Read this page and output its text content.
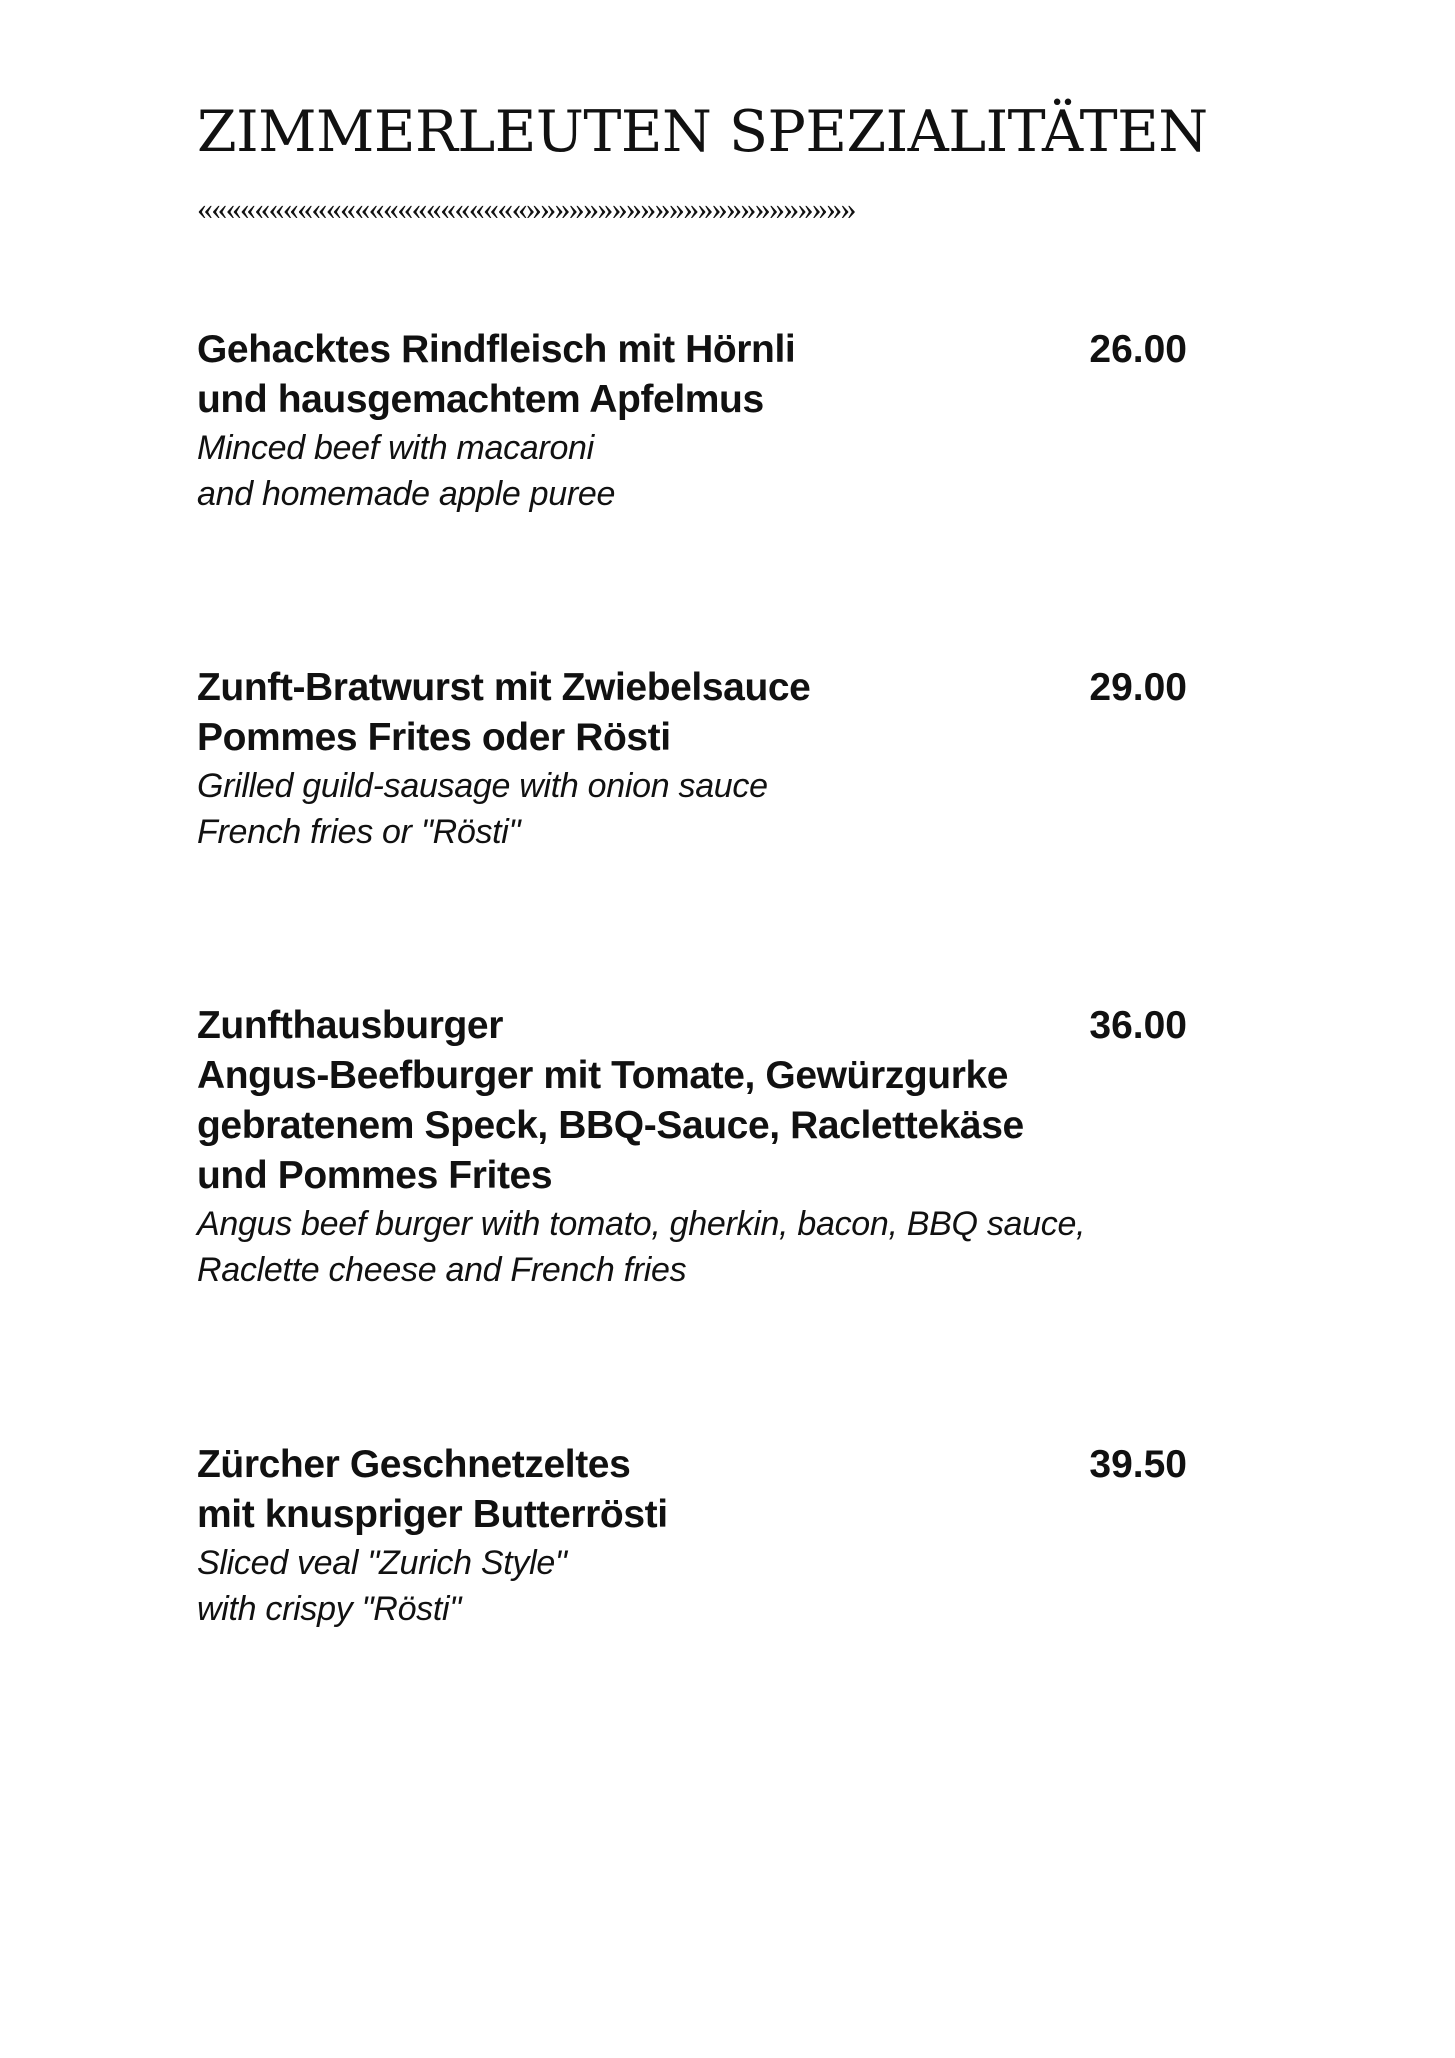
ZIMMERLEUTEN SPEZIALITÄTEN
«««««««««««««««««««««««»»»»»»»»»»»»»»»»»»»»»»»
Gehacktes Rindfleisch mit Hörnli
und hausgemachtem Apfelmus
Minced beef with macaroni
and homemade apple puree
26.00
Zunft-Bratwurst mit Zwiebelsauce
Pommes Frites oder Rösti
Grilled guild-sausage with onion sauce
French fries or "Rösti"
29.00
Zunfthausburger
Angus-Beefburger mit Tomate, Gewürzgurke
gebratenem Speck, BBQ-Sauce, Raclettekäse
und Pommes Frites
Angus beef burger with tomato, gherkin, bacon, BBQ sauce,
Raclette cheese and French fries
36.00
Zürcher Geschnetzeltes
mit knuspriger Butterrösti
Sliced veal "Zurich Style"
with crispy "Rösti"
39.50
